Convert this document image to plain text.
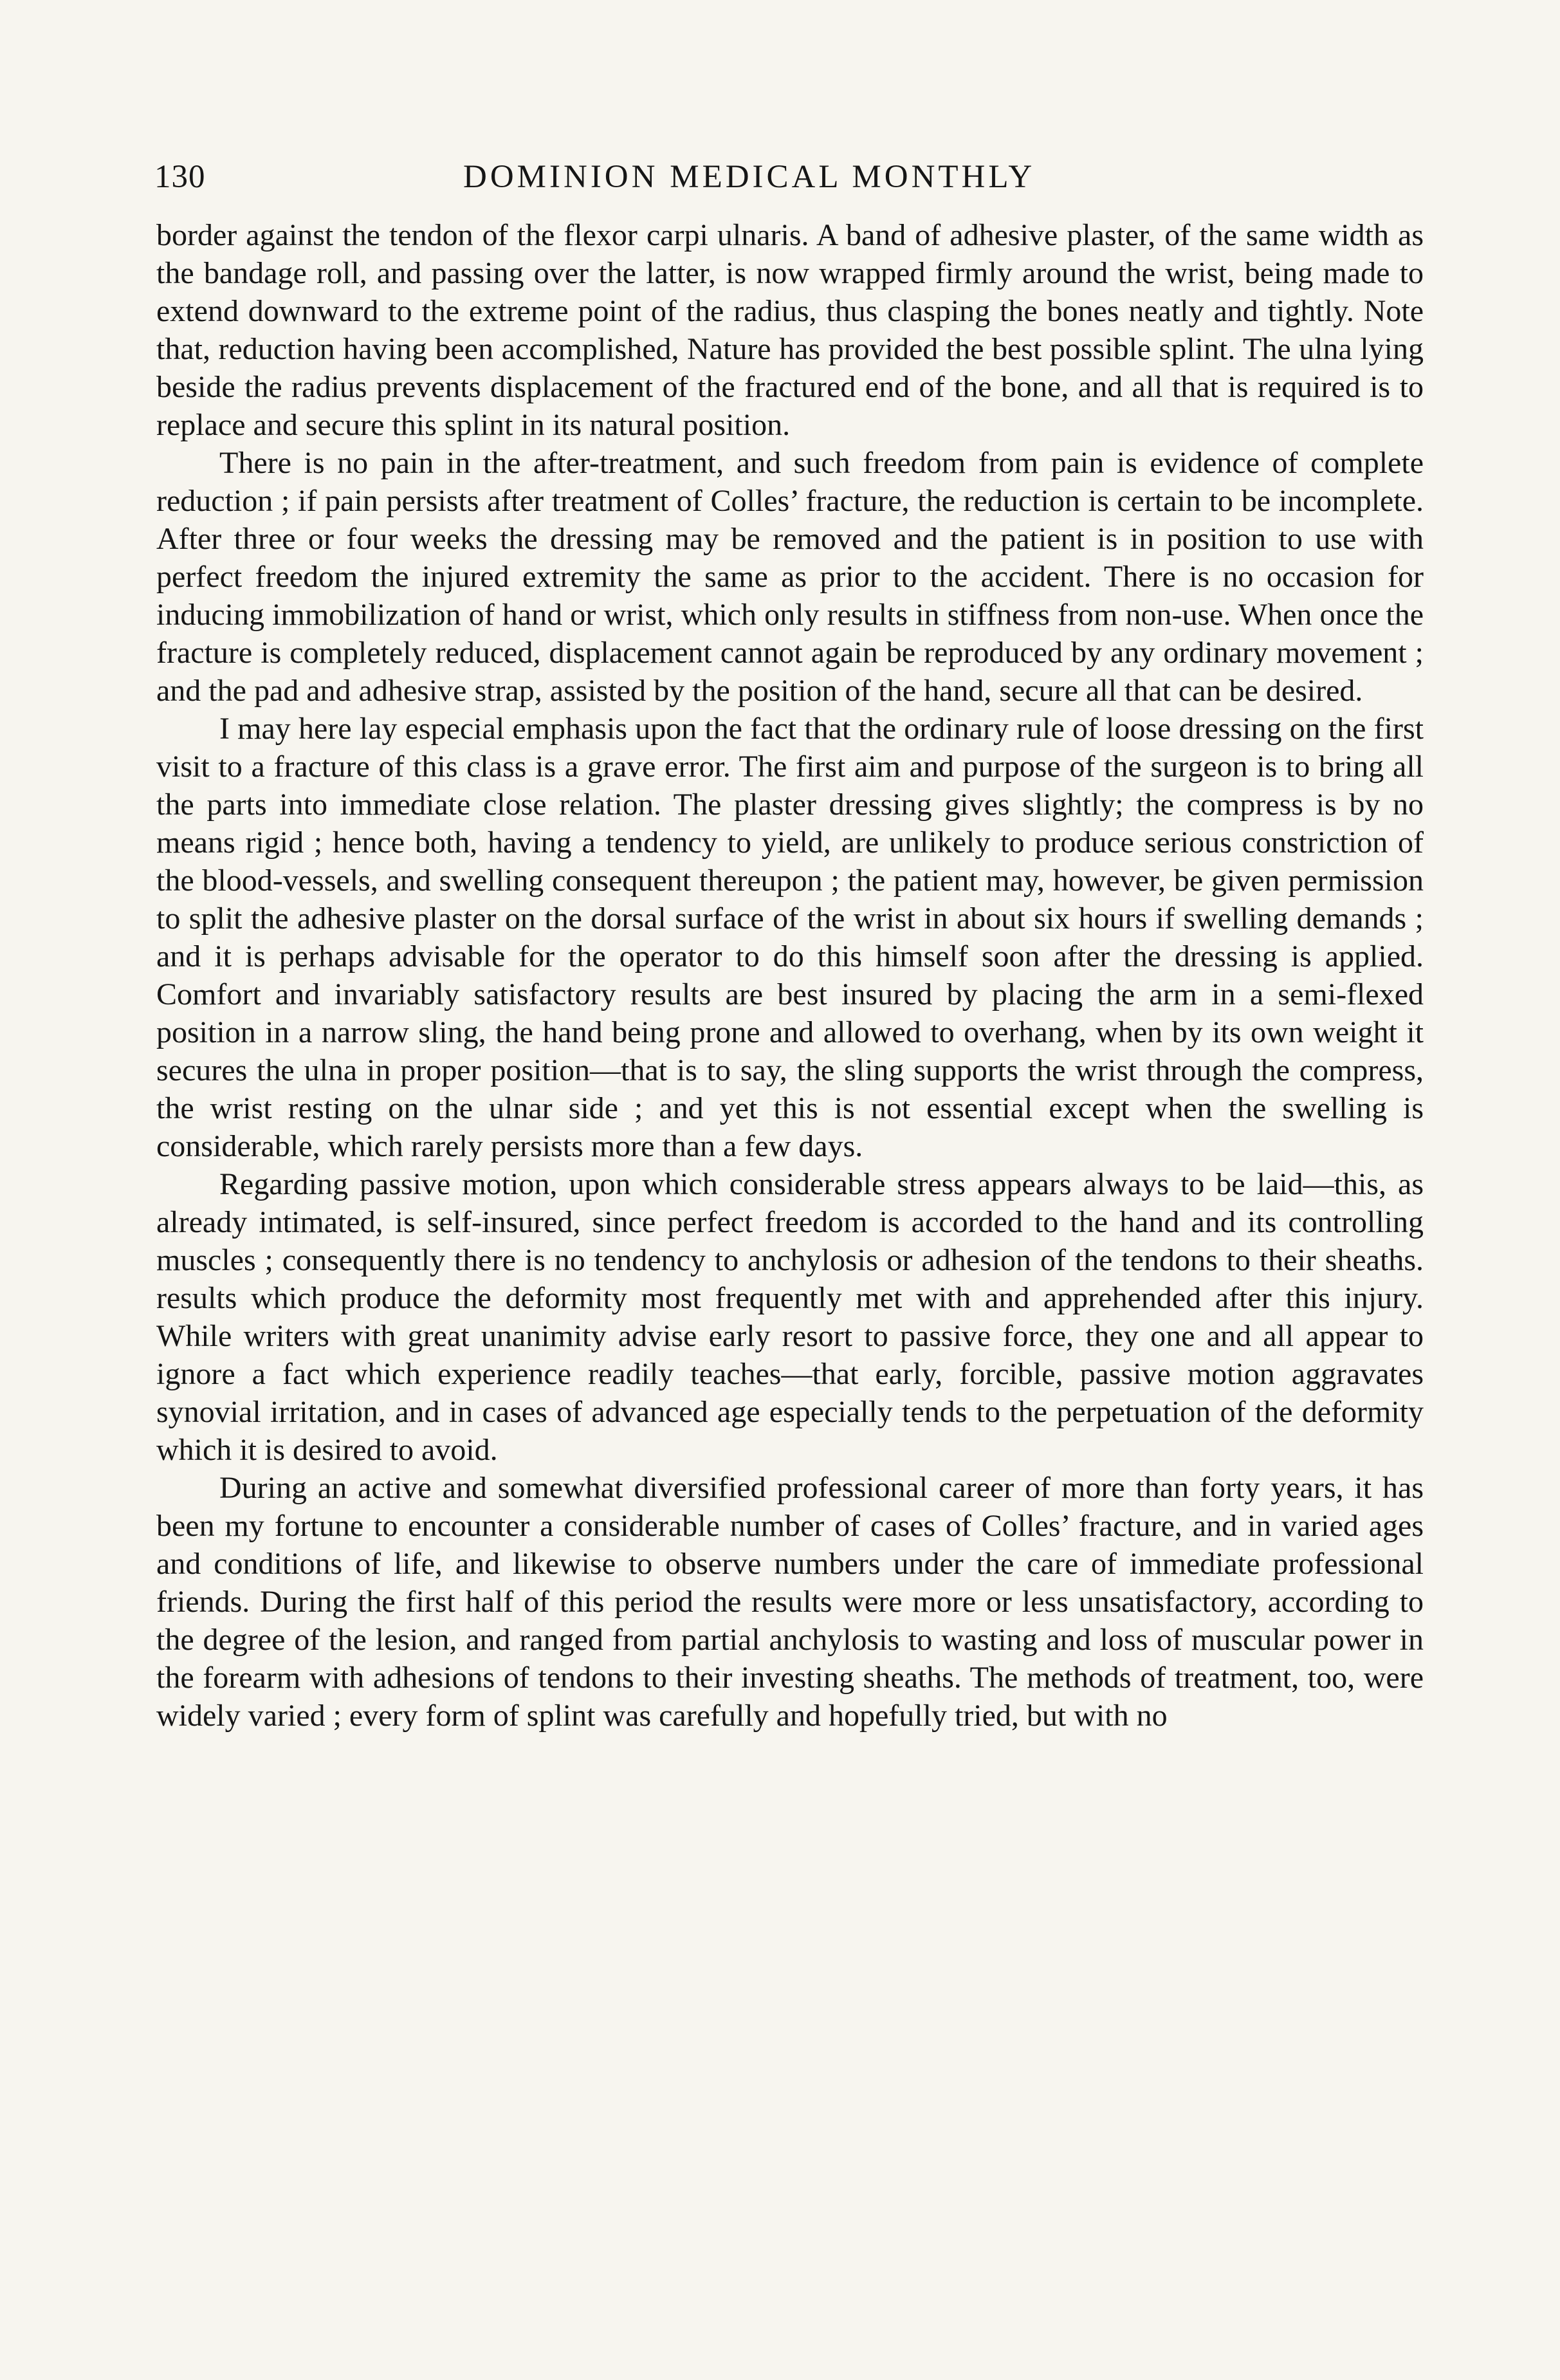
130	DOMINION MEDICAL MONTHLY

border against the tendon of the flexor carpi ulnaris. A band of adhesive plaster, of the same width as the bandage roll, and passing over the latter, is now wrapped firmly around the wrist, being made to extend downward to the extreme point of the radius, thus clasping the bones neatly and tightly. Note that, reduction having been accomplished, Nature has provided the best possible splint. The ulna lying beside the radius prevents displacement of the fractured end of the bone, and all that is required is to replace and secure this splint in its natural position.

There is no pain in the after-treatment, and such freedom from pain is evidence of complete reduction ; if pain persists after treatment of Colles’ fracture, the reduction is certain to be incomplete. After three or four weeks the dressing may be removed and the patient is in position to use with perfect freedom the injured extremity the same as prior to the accident. There is no occasion for inducing immobilization of hand or wrist, which only results in stiffness from non-use. When once the fracture is completely reduced, displacement cannot again be reproduced by any ordinary movement ; and the pad and adhesive strap, assisted by the position of the hand, secure all that can be desired.

I may here lay especial emphasis upon the fact that the ordinary rule of loose dressing on the first visit to a fracture of this class is a grave error. The first aim and purpose of the surgeon is to bring all the parts into immediate close relation. The plaster dressing gives slightly; the compress is by no means rigid ; hence both, having a tendency to yield, are unlikely to produce serious constriction of the blood-vessels, and swelling consequent thereupon ; the patient may, however, be given permission to split the adhesive plaster on the dorsal surface of the wrist in about six hours if swelling demands ; and it is perhaps advisable for the operator to do this himself soon after the dressing is applied. Comfort and invariably satisfactory results are best insured by placing the arm in a semi-flexed position in a narrow sling, the hand being prone and allowed to overhang, when by its own weight it secures the ulna in proper position—that is to say, the sling supports the wrist through the compress, the wrist resting on the ulnar side ; and yet this is not essential except when the swelling is considerable, which rarely persists more than a few days.

Regarding passive motion, upon which considerable stress appears always to be laid—this, as already intimated, is self-insured, since perfect freedom is accorded to the hand and its controlling muscles ; consequently there is no tendency to anchylosis or adhesion of the tendons to their sheaths. results which produce the deformity most frequently met with and apprehended after this injury. While writers with great unanimity advise early resort to passive force, they one and all appear to ignore a fact which experience readily teaches—that early, forcible, passive motion aggravates synovial irritation, and in cases of advanced age especially tends to the perpetuation of the deformity which it is desired to avoid.

During an active and somewhat diversified professional career of more than forty years, it has been my fortune to encounter a considerable number of cases of Colles’ fracture, and in varied ages and conditions of life, and likewise to observe numbers under the care of immediate professional friends. During the first half of this period the results were more or less unsatisfactory, according to the degree of the lesion, and ranged from partial anchylosis to wasting and loss of muscular power in the forearm with adhesions of tendons to their investing sheaths. The methods of treatment, too, were widely varied ; every form of splint was carefully and hopefully tried, but with no
